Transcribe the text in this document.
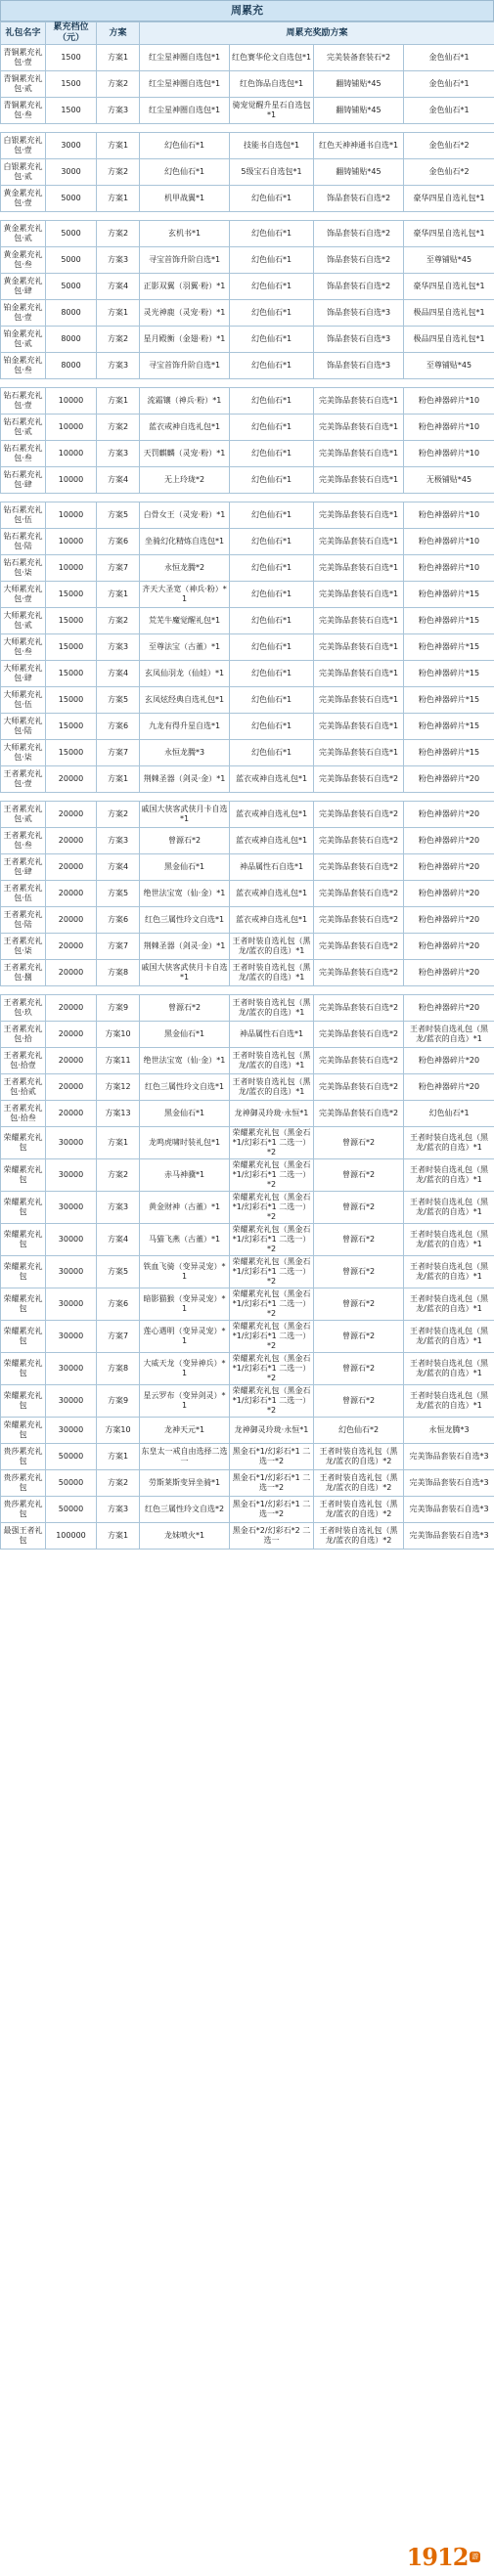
周累充
礼包名字	累充档位（元）	方案	周累充奖励方案			
青铜累充礼包·壹	1500	方案1	红尘星神圈自选包*1	红色赛华伦文自选包*1	完美装备套装石*2	金色仙石*1
青铜累充礼包·贰	1500	方案2	红尘星神圈自选包*1	红色饰品自选包*1	翻铸铺贴*45	金色仙石*1
青铜累充礼包·叁	1500	方案3	红尘星神圈自选包*1	骑宠觉醒升星石自选包*1	翻铸铺贴*45	金色仙石*1

白银累充礼包·壹	3000	方案1	幻色仙石*1	技能书自选包*1	红色天神神通书自选*1	金色仙石*2
白银累充礼包·贰	3000	方案2	幻色仙石*1	5级宝石自选包*1	翻铸铺贴*45	金色仙石*2
黄金累充礼包·壹	5000	方案1	机甲战翼*1	幻色仙石*1	饰品套装石自选*2	豪华四星自选礼包*1

黄金累充礼包·贰	5000	方案2	玄机书*1	幻色仙石*1	饰品套装石自选*2	豪华四星自选礼包*1
黄金累充礼包·叁	5000	方案3	寻宝首饰升阶自选*1	幻色仙石*1	饰品套装石自选*2	至尊铺贴*45
黄金累充礼包·肆	5000	方案4	正影双翼（羽翼·粉）*1	幻色仙石*1	饰品套装石自选*2	豪华四星自选礼包*1
铂金累充礼包·壹	8000	方案1	灵光神鹿（灵宠·粉）*1	幻色仙石*1	饰品套装石自选*3	极品四星自选礼包*1
铂金累充礼包·贰	8000	方案2	星月殿衡（金翅·粉）*1	幻色仙石*1	饰品套装石自选*3	极品四星自选礼包*1
铂金累充礼包·叁	8000	方案3	寻宝首饰升阶自选*1	幻色仙石*1	饰品套装石自选*3	至尊铺贴*45

钻石累充礼包·壹	10000	方案1	流霜镶（神兵·粉）*1	幻色仙石*1	完美饰品套装石自选*1	粉色神器碎片*10
钻石累充礼包·贰	10000	方案2	蓝衣戒神自选礼包*1	幻色仙石*1	完美饰品套装石自选*1	粉色神器碎片*10
钻石累充礼包·叁	10000	方案3	天罚麒麟（灵宠·粉）*1	幻色仙石*1	完美饰品套装石自选*1	粉色神器碎片*10
钻石累充礼包·肆	10000	方案4	无上玲珑*2	幻色仙石*1	完美饰品套装石自选*1	无极铺贴*45

钻石累充礼包·伍	10000	方案5	白骨女王（灵宠·粉）*1	幻色仙石*1	完美饰品套装石自选*1	粉色神器碎片*10
钻石累充礼包·陆	10000	方案6	坐骑幻化精炼自选包*1	幻色仙石*1	完美饰品套装石自选*1	粉色神器碎片*10
钻石累充礼包·柒	10000	方案7	永恒龙腾*2	幻色仙石*1	完美饰品套装石自选*1	粉色神器碎片*10
大师累充礼包·壹	15000	方案1	齐天大圣宽（神兵·粉）*1	幻色仙石*1	完美饰品套装石自选*1	粉色神器碎片*15
大师累充礼包·贰	15000	方案2	荒芜牛魔觉醒礼包*1	幻色仙石*1	完美饰品套装石自选*1	粉色神器碎片*15
大师累充礼包·叁	15000	方案3	至尊法宝（古董）*1	幻色仙石*1	完美饰品套装石自选*1	粉色神器碎片*15
大师累充礼包·肆	15000	方案4	玄凤仙羽龙（仙娃）*1	幻色仙石*1	完美饰品套装石自选*1	粉色神器碎片*15
大师累充礼包·伍	15000	方案5	玄凤炫经典自选礼包*1	幻色仙石*1	完美饰品套装石自选*1	粉色神器碎片*15
大师累充礼包·陆	15000	方案6	九龙有得升星自选*1	幻色仙石*1	完美饰品套装石自选*1	粉色神器碎片*15
大师累充礼包·柒	15000	方案7	永恒龙腾*3	幻色仙石*1	完美饰品套装石自选*1	粉色神器碎片*15
王者累充礼包·壹	20000	方案1	荆棘圣器（剑灵·金）*1	蓝衣戒神自选礼包*1	完美饰品套装石自选*2	粉色神器碎片*20

王者累充礼包·贰	20000	方案2	戚国大侠客武侠月卡自选*1	蓝衣戒神自选礼包*1	完美饰品套装石自选*2	粉色神器碎片*20
王者累充礼包·叁	20000	方案3	曾源石*2	蓝衣戒神自选礼包*1	完美饰品套装石自选*2	粉色神器碎片*20
王者累充礼包·肆	20000	方案4	黑金仙石*1	神品属性石自选*1	完美饰品套装石自选*2	粉色神器碎片*20
王者累充礼包·伍	20000	方案5	绝世法宝宽（仙·金）*1	蓝衣戒神自选礼包*1	完美饰品套装石自选*2	粉色神器碎片*20
王者累充礼包·陆	20000	方案6	红色三属性玲文自选*1	蓝衣戒神自选礼包*1	完美饰品套装石自选*2	粉色神器碎片*20
王者累充礼包·柒	20000	方案7	荆棘圣器（剑灵·金）*1	王者时装自选礼包（黑龙/蓝衣的自选）*1	完美饰品套装石自选*2	粉色神器碎片*20
王者累充礼包·捌	20000	方案8	戚国大侠客武侠月卡自选*1	王者时装自选礼包（黑龙/蓝衣的自选）*1	完美饰品套装石自选*2	粉色神器碎片*20

王者累充礼包·玖	20000	方案9	曾源石*2	王者时装自选礼包（黑龙/蓝衣的自选）*1	完美饰品套装石自选*2	粉色神器碎片*20
王者累充礼包·拾	20000	方案10	黑金仙石*1	神品属性石自选*1	完美饰品套装石自选*2	王者时装自选礼包（黑龙/蓝衣的自选）*1
王者累充礼包·拾壹	20000	方案11	绝世法宝宽（仙·金）*1	王者时装自选礼包（黑龙/蓝衣的自选）*1	完美饰品套装石自选*2	粉色神器碎片*20
王者累充礼包·拾贰	20000	方案12	红色三属性玲文自选*1	王者时装自选礼包（黑龙/蓝衣的自选）*1	完美饰品套装石自选*2	粉色神器碎片*20
王者累充礼包·拾叁	20000	方案13	黑金仙石*1	龙神御灵玲珑·永恒*1	完美饰品套装石自选*2	幻色仙石*1
荣耀累充礼包	30000	方案1	龙鸣虎啸时装礼包*1	荣耀累充礼包（黑金石*1/幻彩石*1 二选一）*2	曾源石*2	王者时装自选礼包（黑龙/蓝衣的自选）*1
荣耀累充礼包	30000	方案2	赤马神骥*1	荣耀累充礼包（黑金石*1/幻彩石*1 二选一）*2	曾源石*2	王者时装自选礼包（黑龙/蓝衣的自选）*1
荣耀累充礼包	30000	方案3	黄金财神（古董）*1	荣耀累充礼包（黑金石*1/幻彩石*1 二选一）*2	曾源石*2	王者时装自选礼包（黑龙/蓝衣的自选）*1
荣耀累充礼包	30000	方案4	马猫飞燕（古董）*1	荣耀累充礼包（黑金石*1/幻彩石*1 二选一）*2	曾源石*2	王者时装自选礼包（黑龙/蓝衣的自选）*1
荣耀累充礼包	30000	方案5	铁血飞骑（变异灵宠）*1	荣耀累充礼包（黑金石*1/幻彩石*1 二选一）*2	曾源石*2	王者时装自选礼包（黑龙/蓝衣的自选）*1
荣耀累充礼包	30000	方案6	暗影猫猴（变异灵宠）*1	荣耀累充礼包（黑金石*1/幻彩石*1 二选一）*2	曾源石*2	王者时装自选礼包（黑龙/蓝衣的自选）*1
荣耀累充礼包	30000	方案7	莲心遇明（变异灵宠）*1	荣耀累充礼包（黑金石*1/幻彩石*1 二选一）*2	曾源石*2	王者时装自选礼包（黑龙/蓝衣的自选）*1
荣耀累充礼包	30000	方案8	大威天龙（变异神兵）*1	荣耀累充礼包（黑金石*1/幻彩石*1 二选一）*2	曾源石*2	王者时装自选礼包（黑龙/蓝衣的自选）*1
荣耀累充礼包	30000	方案9	星云罗布（变异剑灵）*1	荣耀累充礼包（黑金石*1/幻彩石*1 二选一）*2	曾源石*2	王者时装自选礼包（黑龙/蓝衣的自选）*1
荣耀累充礼包	30000	方案10	龙神天元*1	龙神御灵玲珑·永恒*1	幻色仙石*2	永恒龙腾*3
贵莎累充礼包	50000	方案1	东皇太一戒自由选择二选一	黑金石*1/幻彩石*1 二选一*2	王者时装自选礼包（黑龙/蓝衣的自选）*2	完美饰品套装石自选*3
贵莎累充礼包	50000	方案2	劳斯莱斯变异坐骑*1	黑金石*1/幻彩石*1 二选一*2	王者时装自选礼包（黑龙/蓝衣的自选）*2	完美饰品套装石自选*3
贵莎累充礼包	50000	方案3	红色三属性玲文自选*2	黑金石*1/幻彩石*1 二选一*2	王者时装自选礼包（黑龙/蓝衣的自选）*2	完美饰品套装石自选*3
最强王者礼包	100000	方案1	龙妹喷火*1	黑金石*2/幻彩石*2 二选一	王者时装自选礼包（黑龙/蓝衣的自选）*2	完美饰品套装石自选*3
1912 游
